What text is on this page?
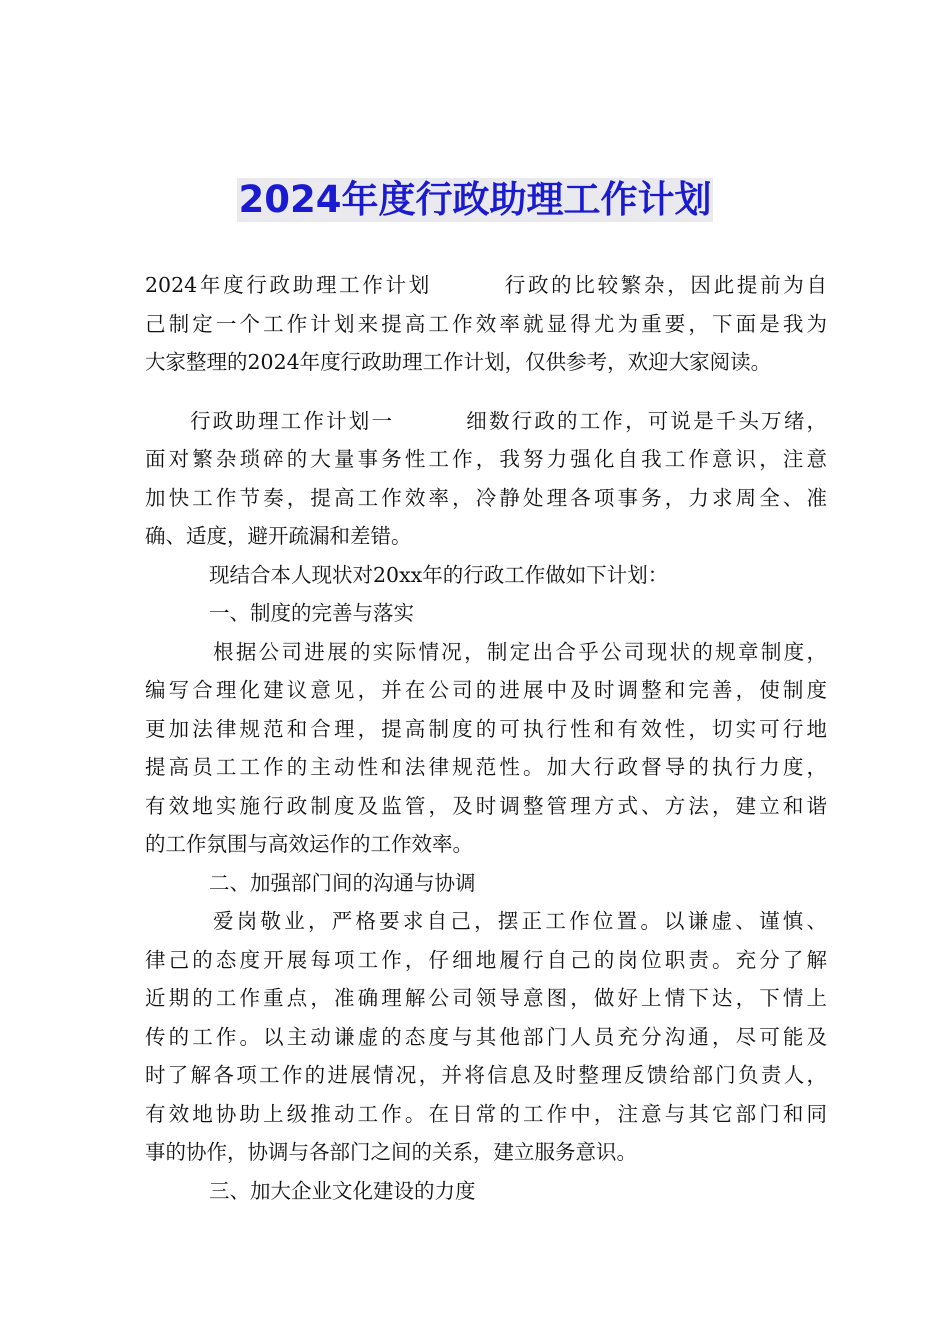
2024年度行政助理工作计划
2024年度行政助理工作计划	行政的比较繁杂，因此提前为自
己制定一个工作计划来提高工作效率就显得尤为重要，下面是我为
大家整理的2024年度行政助理工作计划，仅供参考，欢迎大家阅读。
行政助理工作计划一	细数行政的工作，可说是千头万绪，
面对繁杂琐碎的大量事务性工作，我努力强化自我工作意识，注意
加快工作节奏，提高工作效率，冷静处理各项事务，力求周全、准
确、适度，避开疏漏和差错。
现结合本人现状对20xx年的行政工作做如下计划：
一、制度的完善与落实
根据公司进展的实际情况，制定出合乎公司现状的规章制度，
编写合理化建议意见，并在公司的进展中及时调整和完善，使制度
更加法律规范和合理，提高制度的可执行性和有效性，切实可行地
提高员工工作的主动性和法律规范性。加大行政督导的执行力度，
有效地实施行政制度及监管，及时调整管理方式、方法，建立和谐
的工作氛围与高效运作的工作效率。
二、加强部门间的沟通与协调
爱岗敬业，严格要求自己，摆正工作位置。以谦虚、谨慎、
律己的态度开展每项工作，仔细地履行自己的岗位职责。充分了解
近期的工作重点，准确理解公司领导意图，做好上情下达，下情上
传的工作。以主动谦虚的态度与其他部门人员充分沟通，尽可能及
时了解各项工作的进展情况，并将信息及时整理反馈给部门负责人，
有效地协助上级推动工作。在日常的工作中，注意与其它部门和同
事的协作，协调与各部门之间的关系，建立服务意识。
三、加大企业文化建设的力度
